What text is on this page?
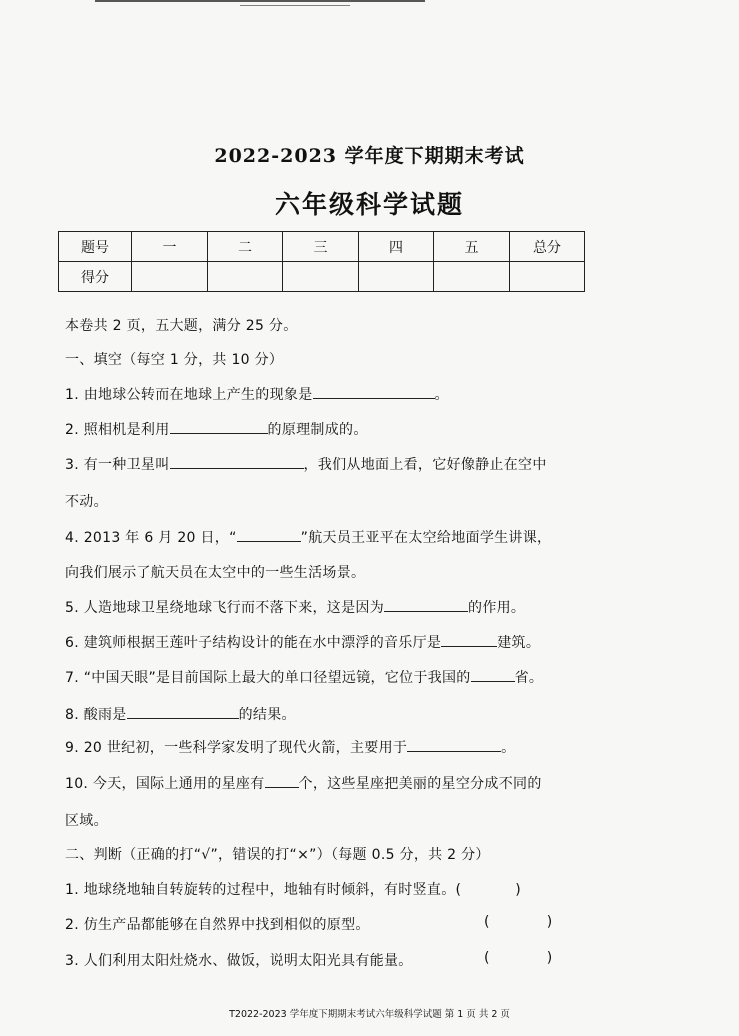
2022-2023 学年度下期期末考试
六年级科学试题
题号	一	二	三	四	五	总分
得分						
本卷共 2 页，五大题，满分 25 分。
一、填空（每空 1 分，共 10 分）
1. 由地球公转而在地球上产生的现象是	。
2. 照相机是利用	的原理制成的。
3. 有一种卫星叫	，我们从地面上看，它好像静止在空中
不动。
4. 2013 年 6 月 20 日，“	”航天员王亚平在太空给地面学生讲课，
向我们展示了航天员在太空中的一些生活场景。
5. 人造地球卫星绕地球飞行而不落下来，这是因为	的作用。
6. 建筑师根据王莲叶子结构设计的能在水中漂浮的音乐厅是	建筑。
7. “中国天眼”是目前国际上最大的单口径望远镜，它位于我国的	省。
8. 酸雨是	的结果。
9. 20 世纪初，一些科学家发明了现代火箭，主要用于	。
10. 今天，国际上通用的星座有 个，这些星座把美丽的星空分成不同的
区域。
二、判断（正确的打“√”，错误的打“×”）（每题 0.5 分，共 2 分）
1. 地球绕地轴自转旋转的过程中，地轴有时倾斜，有时竖直。(	)
2. 仿生产品都能够在自然界中找到相似的原型。	(	)
3. 人们利用太阳灶烧水、做饭，说明太阳光具有能量。	(	)
T2022-2023 学年度下期期末考试六年级科学试题 第 1 页 共 2 页
